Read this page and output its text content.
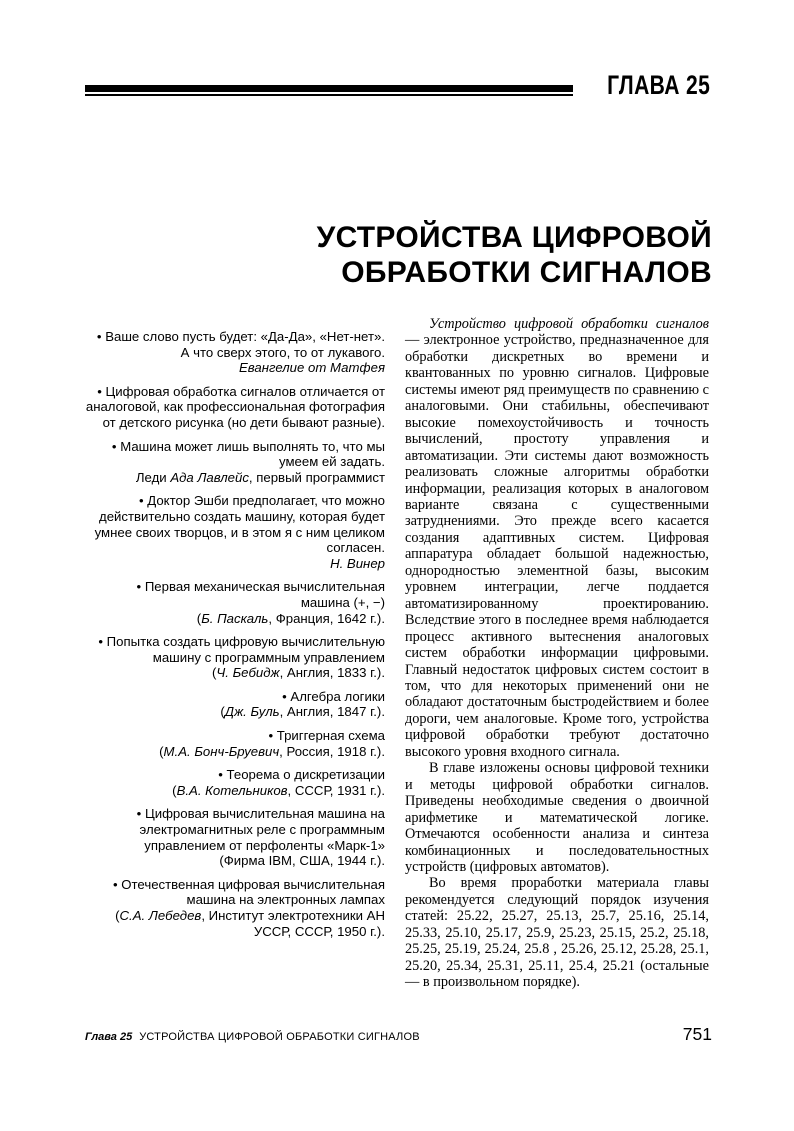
ГЛАВА 25
УСТРОЙСТВА ЦИФРОВОЙ
ОБРАБОТКИ СИГНАЛОВ
• Ваше слово пусть будет: «Да-Да», «Нет-нет». А что сверх этого, то от лукавого.
Евангелие от Матфея
• Цифровая обработка сигналов отличается от аналоговой, как профессиональная фотография от детского рисунка (но дети бывают разные).
• Машина может лишь выполнять то, что мы умеем ей задать.
Леди Ада Лавлейс, первый программист
• Доктор Эшби предполагает, что можно действительно создать машину, которая будет умнее своих творцов, и в этом я с ним целиком согласен.
Н. Винер
• Первая механическая вычислительная машина (+, −)
(Б. Паскаль, Франция, 1642 г.).
• Попытка создать цифровую вычислительную машину с программным управлением
(Ч. Бебидж, Англия, 1833 г.).
• Алгебра логики
(Дж. Буль, Англия, 1847 г.).
• Триггерная схема
(М.А. Бонч-Бруевич, Россия, 1918 г.).
• Теорема о дискретизации
(В.А. Котельников, СССР, 1931 г.).
• Цифровая вычислительная машина на электромагнитных реле с программным управлением от перфоленты «Марк-1»
(Фирма IBM, США, 1944 г.).
• Отечественная цифровая вычислительная машина на электронных лампах
(С.А. Лебедев, Институт электротехники АН УССР, СССР, 1950 г.).

Устройство цифровой обработки сигналов — электронное устройство, предназначенное для обработки дискретных во времени и квантованных по уровню сигналов. Цифровые системы имеют ряд преимуществ по сравнению с аналоговыми. Они стабильны, обеспечивают высокие помехоустойчивость и точность вычислений, простоту управления и автоматизации. Эти системы дают возможность реализовать сложные алгоритмы обработки информации, реализация которых в аналоговом варианте связана с существенными затруднениями. Это прежде всего касается создания адаптивных систем. Цифровая аппаратура обладает большой надежностью, однородностью элементной базы, высоким уровнем интеграции, легче поддается автоматизированному проектированию. Вследствие этого в последнее время наблюдается процесс активного вытеснения аналоговых систем обработки информации цифровыми. Главный недостаток цифровых систем состоит в том, что для некоторых применений они не обладают достаточным быстродействием и более дороги, чем аналоговые. Кроме того, устройства цифровой обработки требуют достаточно высокого уровня входного сигнала.

В главе изложены основы цифровой техники и методы цифровой обработки сигналов. Приведены необходимые сведения о двоичной арифметике и математической логике. Отмечаются особенности анализа и синтеза комбинационных и последовательностных устройств (цифровых автоматов).

Во время проработки материала главы рекомендуется следующий порядок изучения статей: 25.22, 25.27, 25.13, 25.7, 25.16, 25.14, 25.33, 25.10, 25.17, 25.9, 25.23, 25.15, 25.2, 25.18, 25.25, 25.19, 25.24, 25.8 , 25.26, 25.12, 25.28, 25.1, 25.20, 25.34, 25.31, 25.11, 25.4, 25.21 (остальные — в произвольном порядке).

Глава 25 УСТРОЙСТВА ЦИФРОВОЙ ОБРАБОТКИ СИГНАЛОВ	751
